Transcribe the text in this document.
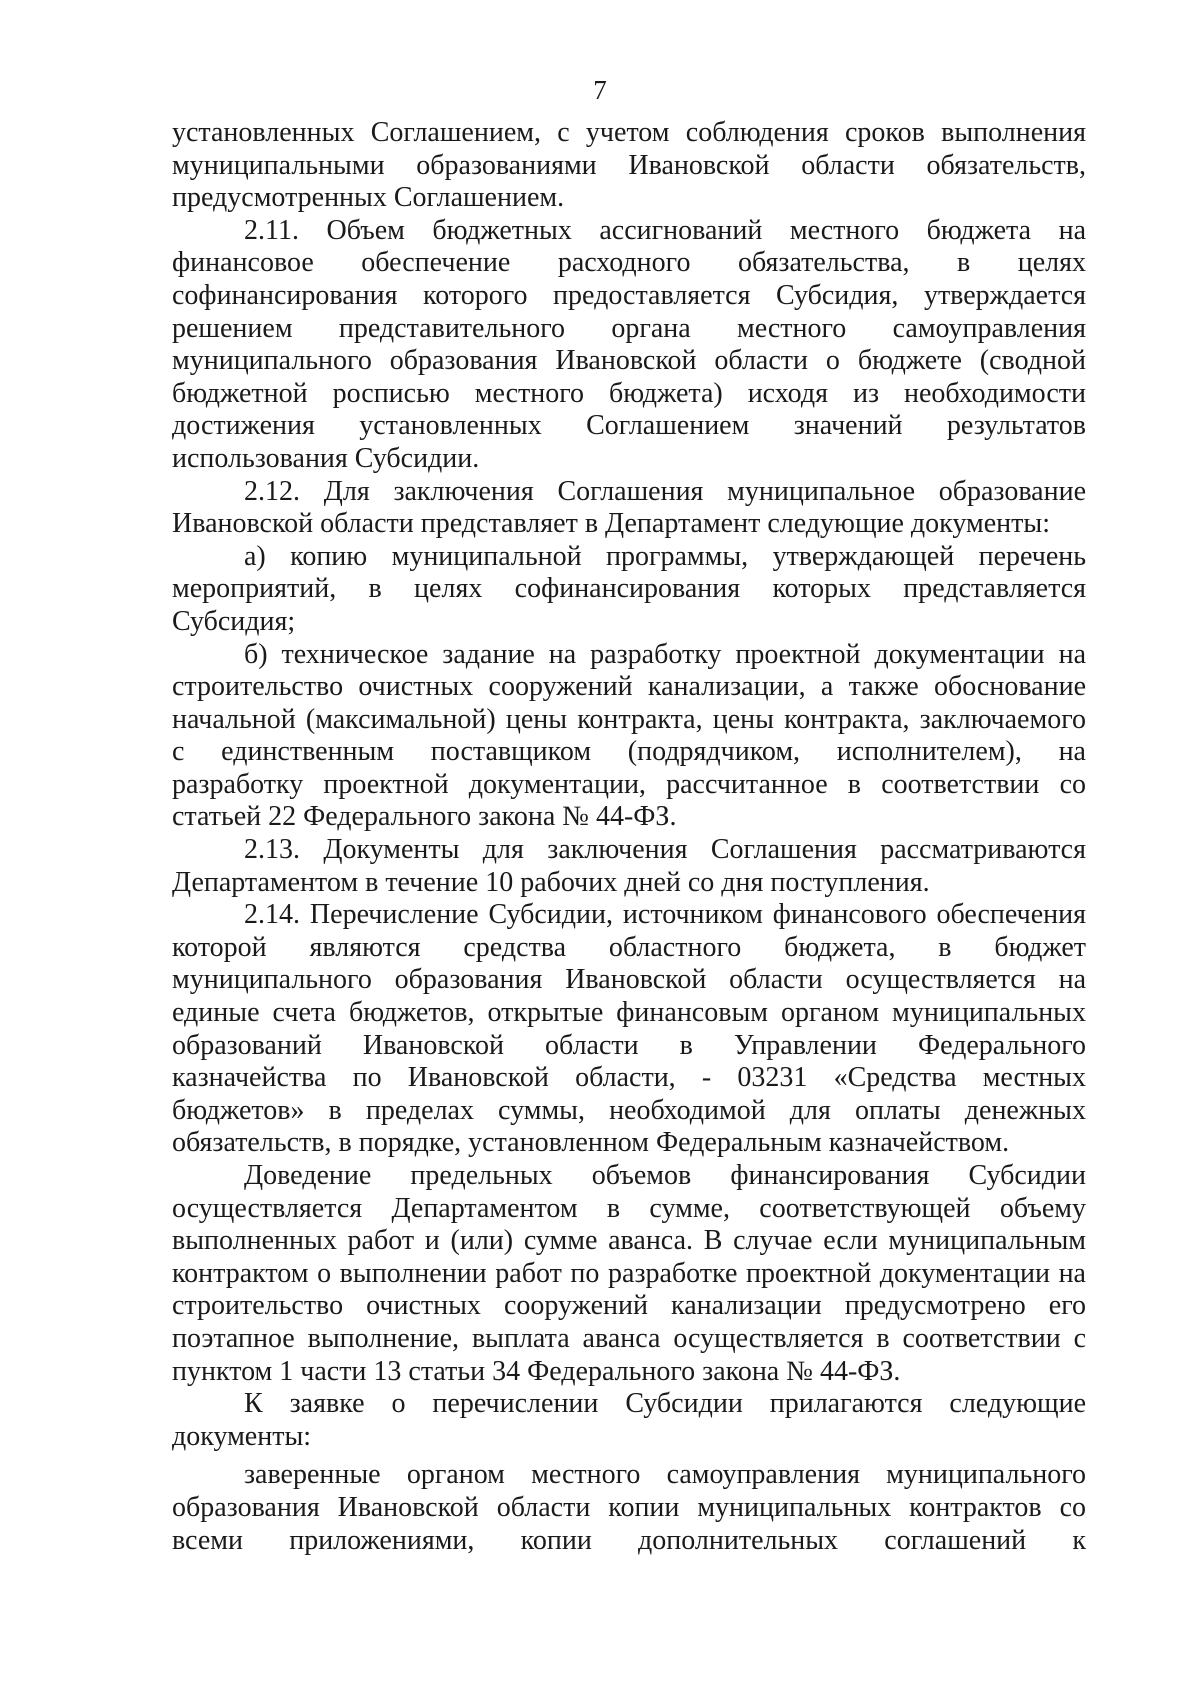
7
установленных Соглашением, с учетом соблюдения сроков выполнения
муниципальными образованиями Ивановской области обязательств,
предусмотренных Соглашением.
2.11. Объем бюджетных ассигнований местного бюджета на
финансовое обеспечение расходного обязательства, в целях
софинансирования которого предоставляется Субсидия, утверждается
решением представительного органа местного самоуправления
муниципального образования Ивановской области о бюджете (сводной
бюджетной росписью местного бюджета) исходя из необходимости
достижения установленных Соглашением значений результатов
использования Субсидии.
2.12. Для заключения Соглашения муниципальное образование
Ивановской области представляет в Департамент следующие документы:
а) копию муниципальной программы, утверждающей перечень
мероприятий, в целях софинансирования которых представляется
Субсидия;
б) техническое задание на разработку проектной документации на
строительство очистных сооружений канализации, а также обоснование
начальной (максимальной) цены контракта, цены контракта, заключаемого
с единственным поставщиком (подрядчиком, исполнителем), на
разработку проектной документации, рассчитанное в соответствии со
статьей 22 Федерального закона № 44-ФЗ.
2.13. Документы для заключения Соглашения рассматриваются
Департаментом в течение 10 рабочих дней со дня поступления.
2.14. Перечисление Субсидии, источником финансового обеспечения
которой являются средства областного бюджета, в бюджет
муниципального образования Ивановской области осуществляется на
единые счета бюджетов, открытые финансовым органом муниципальных
образований Ивановской области в Управлении Федерального
казначейства по Ивановской области, - 03231 «Средства местных
бюджетов» в пределах суммы, необходимой для оплаты денежных
обязательств, в порядке, установленном Федеральным казначейством.
Доведение предельных объемов финансирования Субсидии
осуществляется Департаментом в сумме, соответствующей объему
выполненных работ и (или) сумме аванса. В случае если муниципальным
контрактом о выполнении работ по разработке проектной документации на
строительство очистных сооружений канализации предусмотрено его
поэтапное выполнение, выплата аванса осуществляется в соответствии с
пунктом 1 части 13 статьи 34 Федерального закона № 44-ФЗ.
К заявке о перечислении Субсидии прилагаются следующие
документы:
заверенные органом местного самоуправления муниципального
образования Ивановской области копии муниципальных контрактов со
всеми приложениями, копии дополнительных соглашений к
